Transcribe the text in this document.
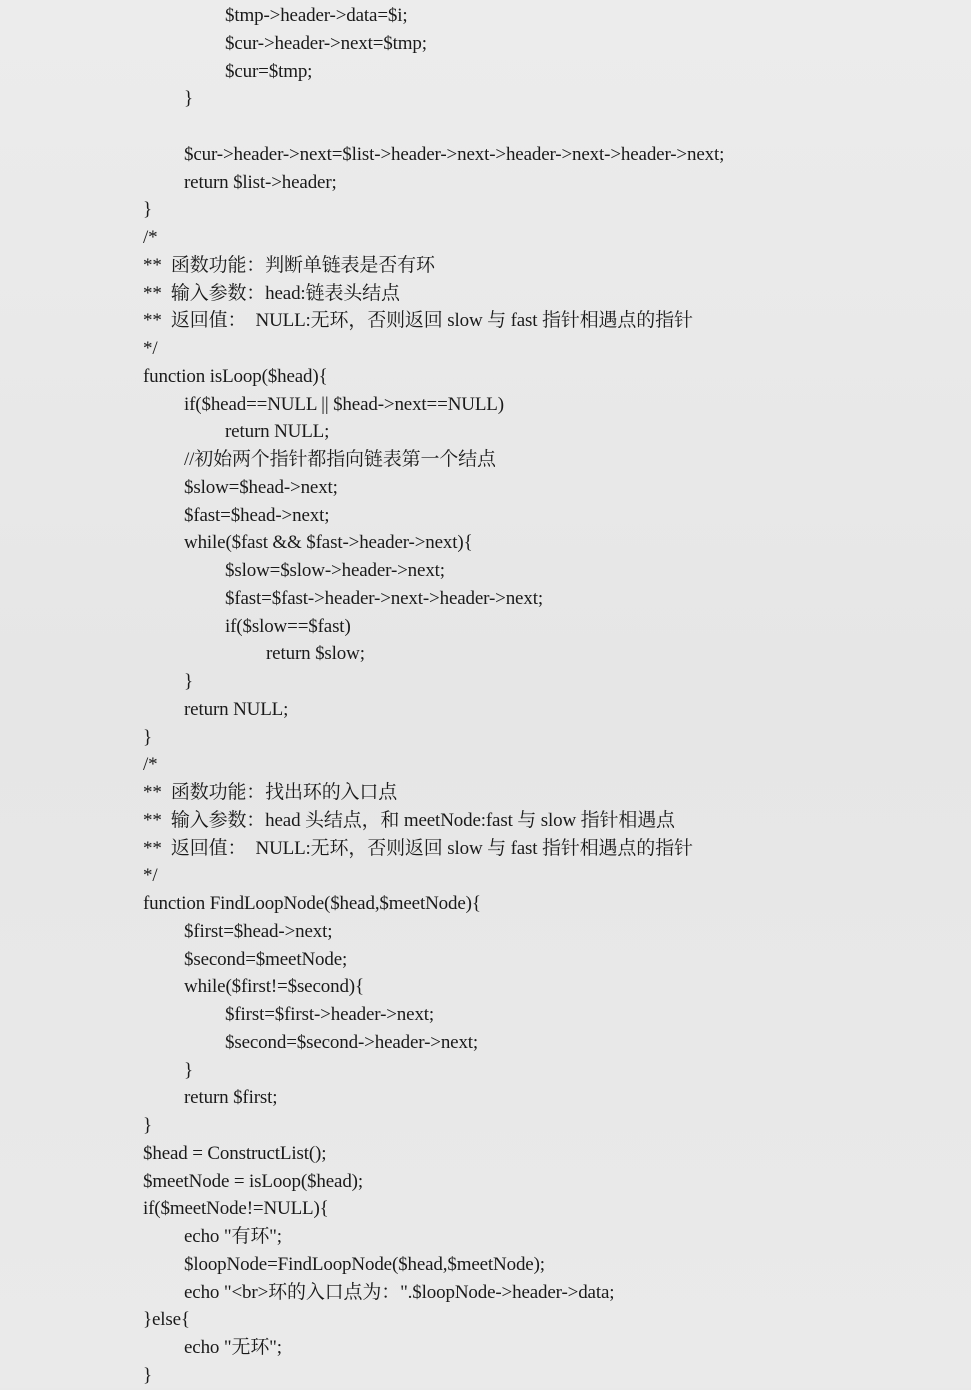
$tmp->header->data=$i;
$cur->header->next=$tmp;
$cur=$tmp;
}
$cur->header->next=$list->header->next->header->next->header->next;
return $list->header;
}
/*
**  函数功能：判断单链表是否有环
**  输入参数：head:链表头结点
**  返回值：  NULL:无环，否则返回 slow 与 fast 指针相遇点的指针
*/
function isLoop($head){
if($head==NULL || $head->next==NULL)
return NULL;
//初始两个指针都指向链表第一个结点
$slow=$head->next;
$fast=$head->next;
while($fast && $fast->header->next){
$slow=$slow->header->next;
$fast=$fast->header->next->header->next;
if($slow==$fast)
return $slow;
}
return NULL;
}
/*
**  函数功能：找出环的入口点
**  输入参数：head 头结点，和 meetNode:fast 与 slow 指针相遇点
**  返回值：  NULL:无环，否则返回 slow 与 fast 指针相遇点的指针
*/
function FindLoopNode($head,$meetNode){
$first=$head->next;
$second=$meetNode;
while($first!=$second){
$first=$first->header->next;
$second=$second->header->next;
}
return $first;
}
$head = ConstructList();
$meetNode = isLoop($head);
if($meetNode!=NULL){
echo "有环";
$loopNode=FindLoopNode($head,$meetNode);
echo "<br>环的入口点为：".$loopNode->header->data;
}else{
echo "无环";
}
